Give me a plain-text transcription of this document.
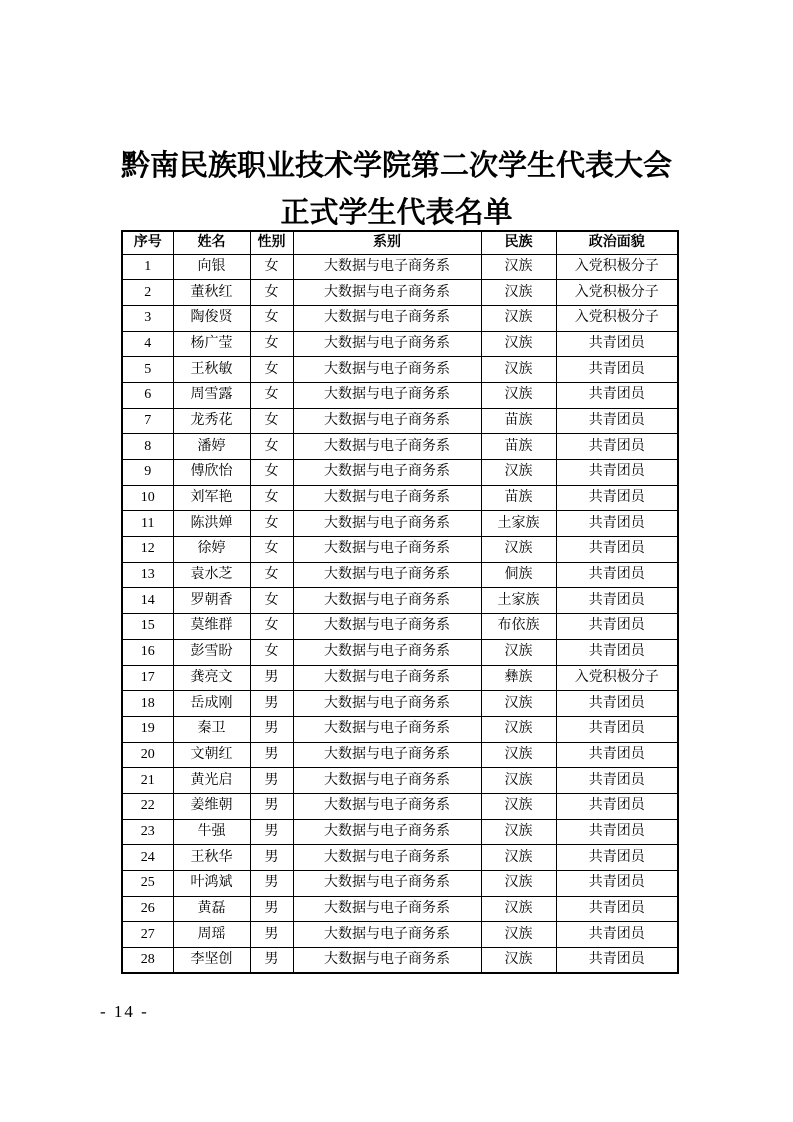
黔南民族职业技术学院第二次学生代表大会
正式学生代表名单
序号	姓名	性别	系别	民族	政治面貌
1	向银	女	大数据与电子商务系	汉族	入党积极分子
2	董秋红	女	大数据与电子商务系	汉族	入党积极分子
3	陶俊贤	女	大数据与电子商务系	汉族	入党积极分子
4	杨广莹	女	大数据与电子商务系	汉族	共青团员
5	王秋敏	女	大数据与电子商务系	汉族	共青团员
6	周雪露	女	大数据与电子商务系	汉族	共青团员
7	龙秀花	女	大数据与电子商务系	苗族	共青团员
8	潘婷	女	大数据与电子商务系	苗族	共青团员
9	傅欣怡	女	大数据与电子商务系	汉族	共青团员
10	刘军艳	女	大数据与电子商务系	苗族	共青团员
11	陈洪婵	女	大数据与电子商务系	土家族	共青团员
12	徐婷	女	大数据与电子商务系	汉族	共青团员
13	袁水芝	女	大数据与电子商务系	侗族	共青团员
14	罗朝香	女	大数据与电子商务系	土家族	共青团员
15	莫维群	女	大数据与电子商务系	布依族	共青团员
16	彭雪盼	女	大数据与电子商务系	汉族	共青团员
17	龚亮文	男	大数据与电子商务系	彝族	入党积极分子
18	岳成刚	男	大数据与电子商务系	汉族	共青团员
19	秦卫	男	大数据与电子商务系	汉族	共青团员
20	文朝红	男	大数据与电子商务系	汉族	共青团员
21	黄光启	男	大数据与电子商务系	汉族	共青团员
22	姜维朝	男	大数据与电子商务系	汉族	共青团员
23	牛强	男	大数据与电子商务系	汉族	共青团员
24	王秋华	男	大数据与电子商务系	汉族	共青团员
25	叶鸿斌	男	大数据与电子商务系	汉族	共青团员
26	黄磊	男	大数据与电子商务系	汉族	共青团员
27	周瑶	男	大数据与电子商务系	汉族	共青团员
28	李坚创	男	大数据与电子商务系	汉族	共青团员
- 14 -
